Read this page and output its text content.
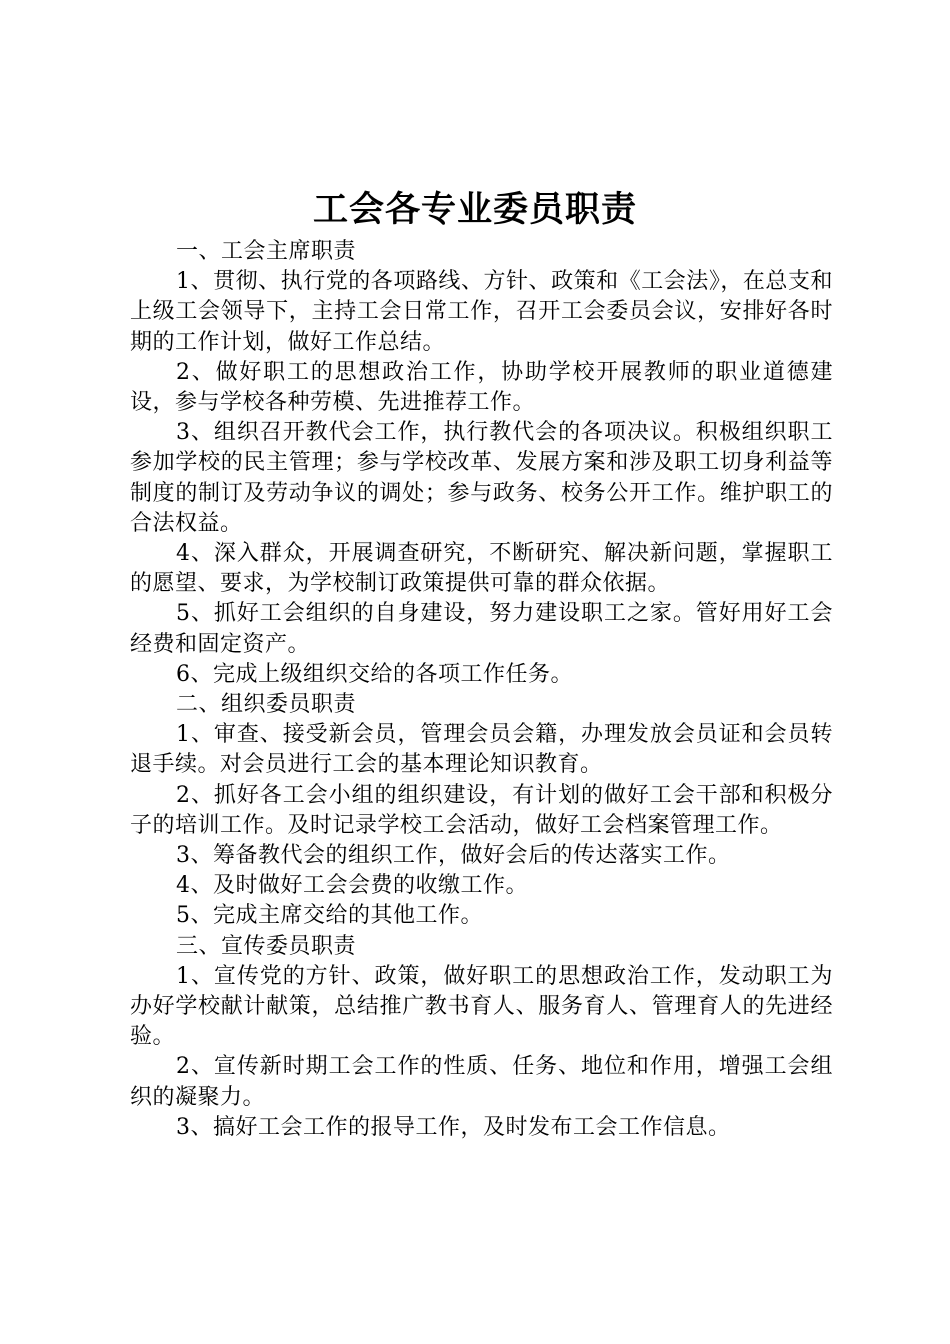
工会各专业委员职责

一、工会主席职责

1、贯彻、执行党的各项路线、方针、政策和《工会法》，在总支和上级工会领导下，主持工会日常工作，召开工会委员会议，安排好各时期的工作计划，做好工作总结。

2、做好职工的思想政治工作，协助学校开展教师的职业道德建设，参与学校各种劳模、先进推荐工作。

3、组织召开教代会工作，执行教代会的各项决议。积极组织职工参加学校的民主管理；参与学校改革、发展方案和涉及职工切身利益等制度的制订及劳动争议的调处；参与政务、校务公开工作。维护职工的合法权益。

4、深入群众，开展调查研究，不断研究、解决新问题，掌握职工的愿望、要求，为学校制订政策提供可靠的群众依据。

5、抓好工会组织的自身建设，努力建设职工之家。管好用好工会经费和固定资产。

6、完成上级组织交给的各项工作任务。

二、组织委员职责

1、审查、接受新会员，管理会员会籍，办理发放会员证和会员转退手续。对会员进行工会的基本理论知识教育。

2、抓好各工会小组的组织建设，有计划的做好工会干部和积极分子的培训工作。及时记录学校工会活动，做好工会档案管理工作。

3、筹备教代会的组织工作，做好会后的传达落实工作。

4、及时做好工会会费的收缴工作。

5、完成主席交给的其他工作。

三、宣传委员职责

1、宣传党的方针、政策，做好职工的思想政治工作，发动职工为办好学校献计献策，总结推广教书育人、服务育人、管理育人的先进经验。

2、宣传新时期工会工作的性质、任务、地位和作用，增强工会组织的凝聚力。

3、搞好工会工作的报导工作，及时发布工会工作信息。
